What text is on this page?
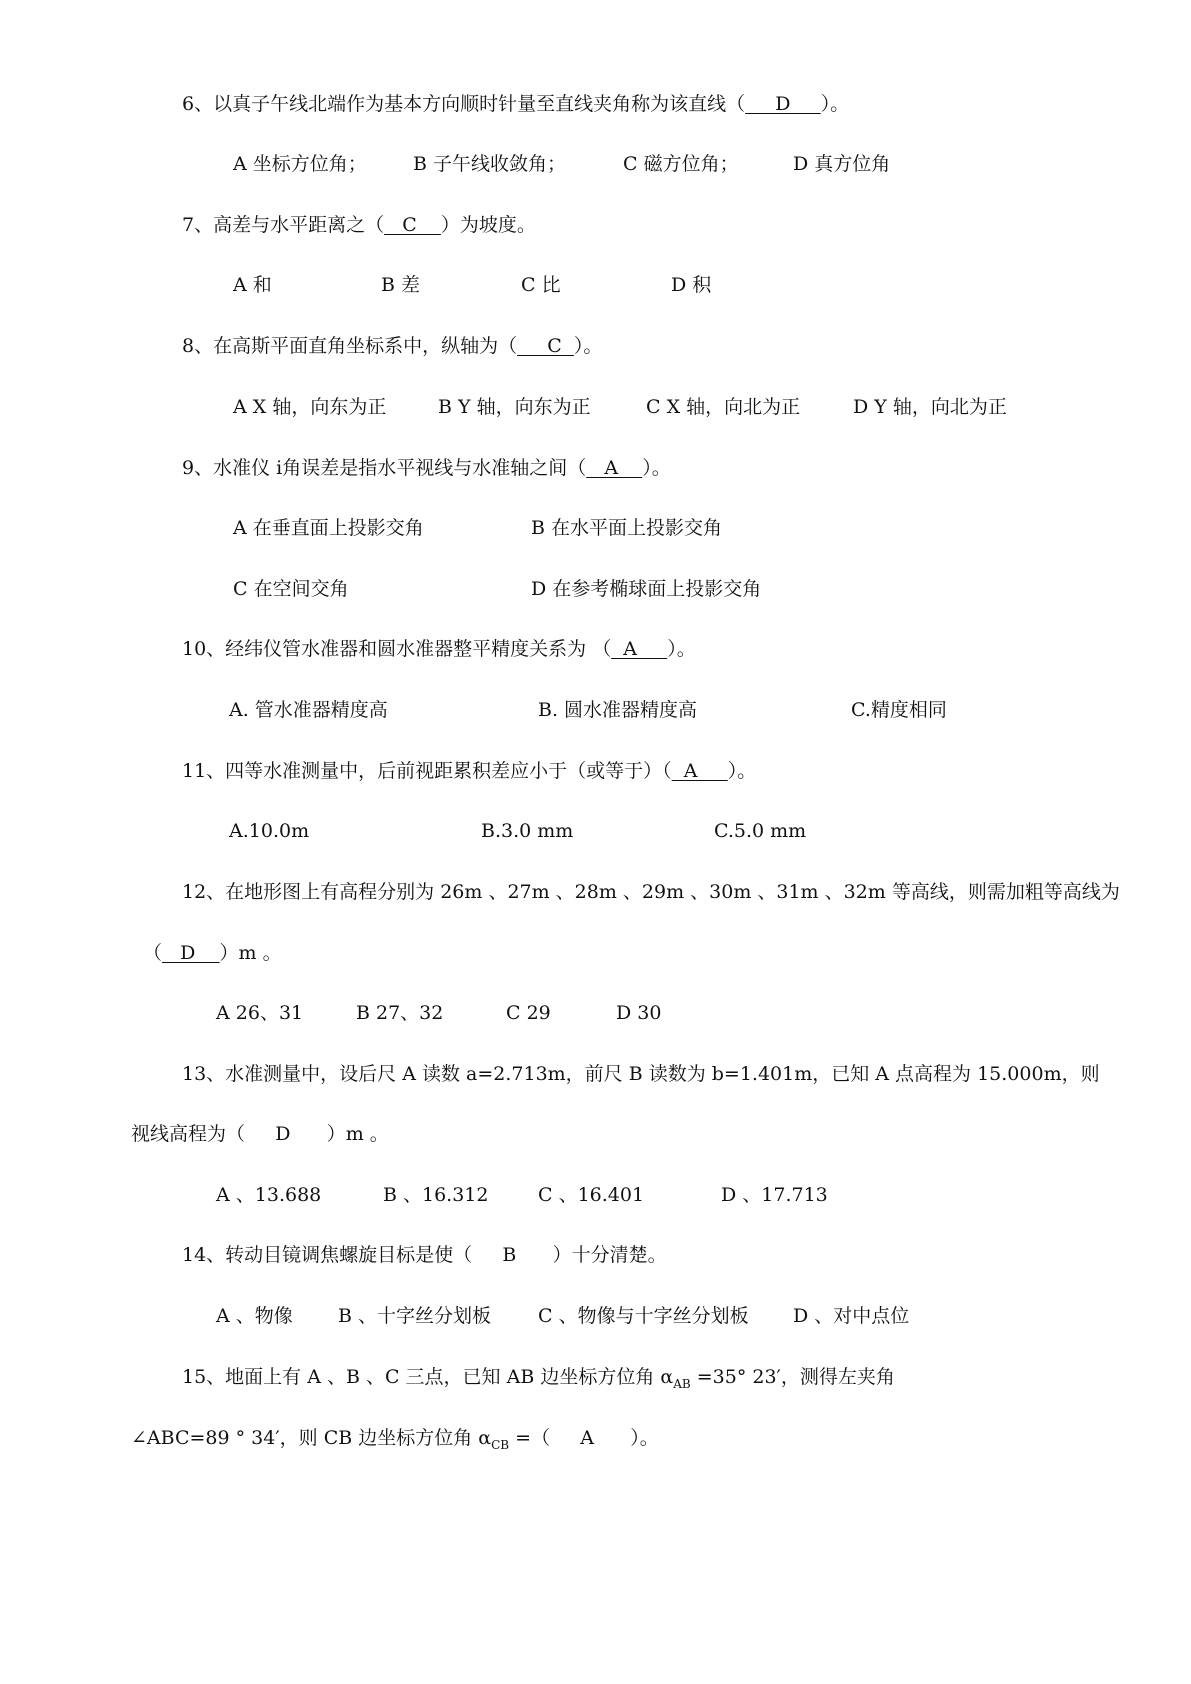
6、以真子午线北端作为基本方向顺时针量至直线夹角称为该直线（     D     ）。
A 坐标方位角； B 子午线收敛角；	C 磁方位角；	D 真方位角
7、高差与水平距离之（   C    ）为坡度。
A 和	B 差	C 比	D 积
8、在高斯平面直角坐标系中，纵轴为（     C  ）。
A X 轴，向东为正	B Y 轴，向东为正	C X 轴，向北为正	D Y 轴，向北为正
9、水准仪 i角误差是指水平视线与水准轴之间（   A    ）。
A 在垂直面上投影交角	B 在水平面上投影交角
C 在空间交角	D 在参考椭球面上投影交角
10、经纬仪管水准器和圆水准器整平精度关系为 （  A     ）。
A. 管水准器精度高	B. 圆水准器精度高	C.精度相同
11、四等水准测量中，后前视距累积差应小于（或等于）（  A     ）。
A.10.0m	B.3.0 mm	C.5.0 mm
12、在地形图上有高程分别为 26m 、27m 、28m 、29m 、30m 、31m 、32m 等高线，则需加粗等高线为
（   D    ）m 。
A 26、31	B 27、32	C 29	D 30
13、水准测量中，设后尺 A 读数 a=2.713m，前尺 B 读数为 b=1.401m，已知 A 点高程为 15.000m，则
视线高程为（     D      ）m 。
A 、13.688	B 、16.312	C 、16.401	D 、17.713
14、转动目镜调焦螺旋目标是使（     B      ）十分清楚。
A 、物像 B 、十字丝分划板 C 、物像与十字丝分划板 D 、对中点位
15、地面上有 A 、B 、C 三点，已知 AB 边坐标方位角 $\alpha_{AB} =35^\circ$ 23′，测得左夹角
∠ABC=89 ° 34′，则 CB 边坐标方位角 $\alpha_{CB}$ =（     A      ）。
